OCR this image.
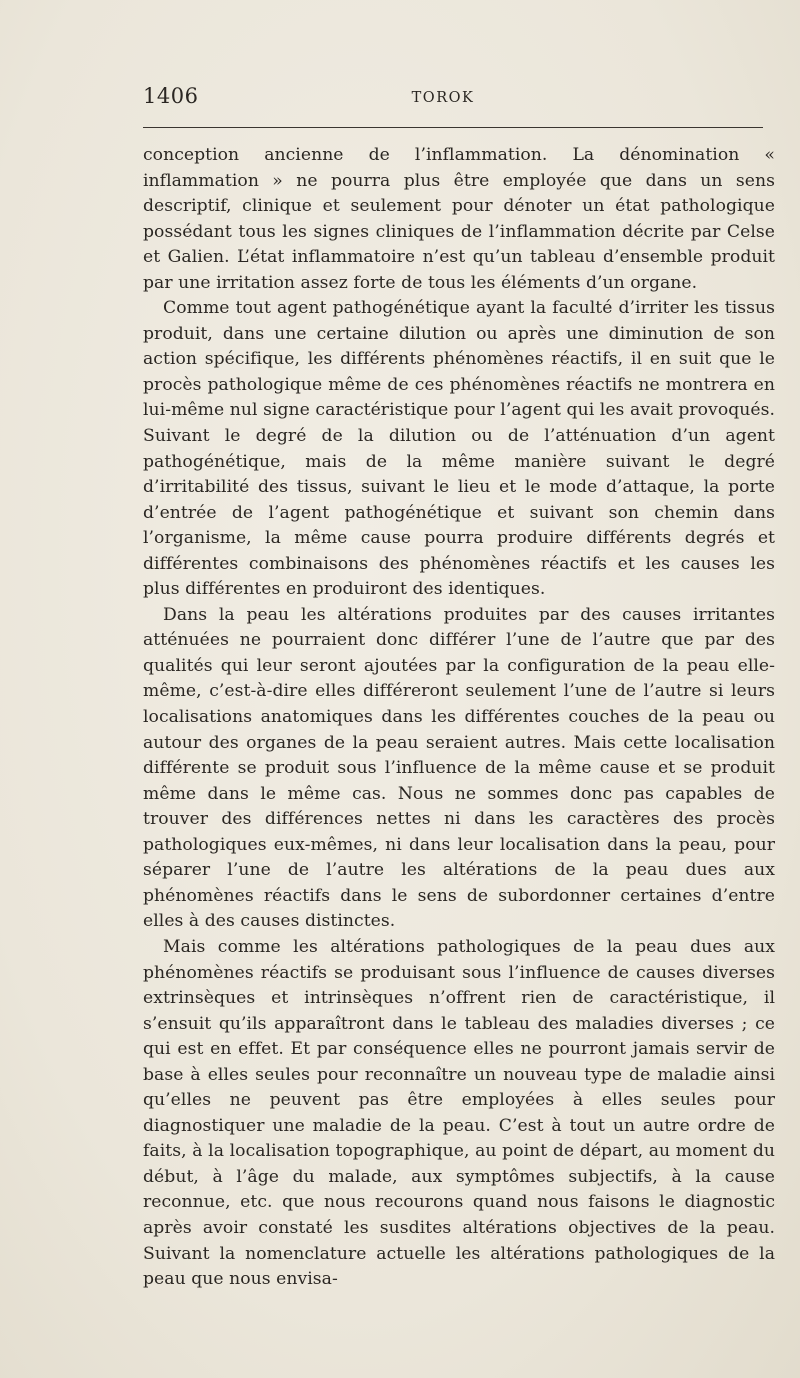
1406	TOROK

conception ancienne de l’inflammation. La dénomination « inflammation » ne pourra plus être employée que dans un sens descriptif, clinique et seulement pour dénoter un état pathologique possédant tous les signes cliniques de l’inflammation décrite par Celse et Galien. L’état inflammatoire n’est qu’un tableau d’ensemble produit par une irritation assez forte de tous les éléments d’un organe.

Comme tout agent pathogénétique ayant la faculté d’irriter les tissus produit, dans une certaine dilution ou après une diminution de son action spécifique, les différents phénomènes réactifs, il en suit que le procès pathologique même de ces phénomènes réactifs ne montrera en lui-même nul signe caractéristique pour l’agent qui les avait provoqués. Suivant le degré de la dilution ou de l’atténuation d’un agent pathogénétique, mais de la même manière suivant le degré d’irritabilité des tissus, suivant le lieu et le mode d’attaque, la porte d’entrée de l’agent pathogénétique et suivant son chemin dans l’organisme, la même cause pourra produire différents degrés et différentes combinaisons des phénomènes réactifs et les causes les plus différentes en produiront des identiques.

Dans la peau les altérations produites par des causes irritantes atténuées ne pourraient donc différer l’une de l’autre que par des qualités qui leur seront ajoutées par la configuration de la peau elle-même, c’est-à-dire elles différeront seulement l’une de l’autre si leurs localisations anatomiques dans les différentes couches de la peau ou autour des organes de la peau seraient autres. Mais cette localisation différente se produit sous l’influence de la même cause et se produit même dans le même cas. Nous ne sommes donc pas capables de trouver des différences nettes ni dans les caractères des procès pathologiques eux-mêmes, ni dans leur localisation dans la peau, pour séparer l’une de l’autre les altérations de la peau dues aux phénomènes réactifs dans le sens de subordonner certaines d’entre elles à des causes distinctes.

Mais comme les altérations pathologiques de la peau dues aux phénomènes réactifs se produisant sous l’influence de causes diverses extrinsèques et intrinsèques n’offrent rien de caractéristique, il s’ensuit qu’ils apparaîtront dans le tableau des maladies diverses ; ce qui est en effet. Et par conséquence elles ne pourront jamais servir de base à elles seules pour reconnaître un nouveau type de maladie ainsi qu’elles ne peuvent pas être employées à elles seules pour diagnostiquer une maladie de la peau. C’est à tout un autre ordre de faits, à la localisation topographique, au point de départ, au moment du début, à l’âge du malade, aux symptômes subjectifs, à la cause reconnue, etc. que nous recourons quand nous faisons le diagnostic après avoir constaté les susdites altérations objectives de la peau. Suivant la nomenclature actuelle les altérations pathologiques de la peau que nous envisa-
